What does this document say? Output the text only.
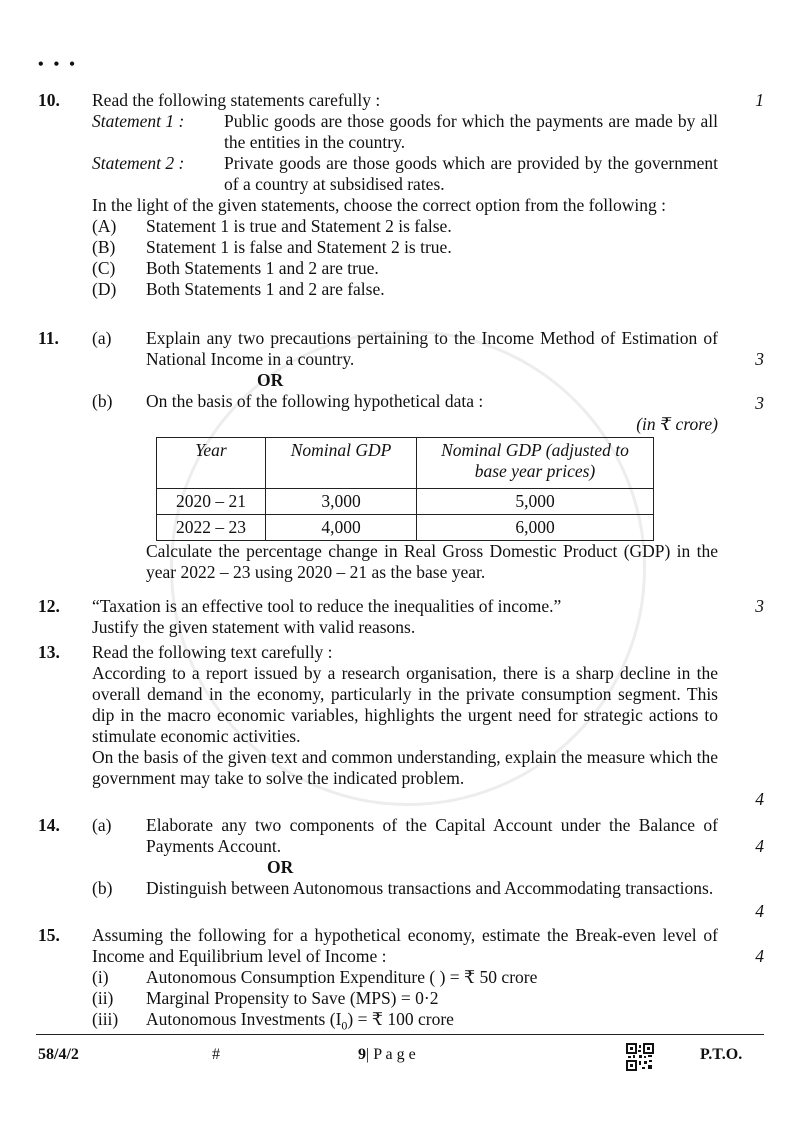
• • •
10.	1
Read the following statements carefully :
Statement 1 :	Public goods are those goods for which the payments are made by all the entities in the country.
Statement 2 :	Private goods are those goods which are provided by the government of a country at subsidised rates.
In the light of the given statements, choose the correct option from the following :
(A)	Statement 1 is true and Statement 2 is false.
(B)	Statement 1 is false and Statement 2 is true.
(C)	Both Statements 1 and 2 are true.
(D)	Both Statements 1 and 2 are false.
11.
3
3
(a)	Explain any two precautions pertaining to the Income Method of Estimation of National Income in a country.
OR
(b)	On the basis of the following hypothetical data :
(in ₹ crore)
Year	Nominal GDP	Nominal GDP (adjusted to base year prices)
2020 – 21	3,000	5,000
2022 – 23	4,000	6,000
Calculate the percentage change in Real Gross Domestic Product (GDP) in the year 2022 – 23 using 2020 – 21 as the base year.
12.	3
“Taxation is an effective tool to reduce the inequalities of income.”
Justify the given statement with valid reasons.
13.
4
Read the following text carefully :
According to a report issued by a research organisation, there is a sharp decline in the overall demand in the economy, particularly in the private consumption segment. This dip in the macro economic variables, highlights the urgent need for strategic actions to stimulate economic activities.
On the basis of the given text and common understanding, explain the measure which the government may take to solve the indicated problem.
14.
4
4
(a)	Elaborate any two components of the Capital Account under the Balance of Payments Account.
OR
(b)	Distinguish between Autonomous transactions and Accommodating transactions.
15.
4
Assuming the following for a hypothetical economy, estimate the Break-even level of Income and Equilibrium level of Income :
(i)	Autonomous Consumption Expenditure ( ) = ₹ 50 crore
(ii)	Marginal Propensity to Save (MPS) = 0·2
(iii)	Autonomous Investments $(I_0)$ = ₹ 100 crore
58/4/2	#	9| P a g e	P.T.O.
